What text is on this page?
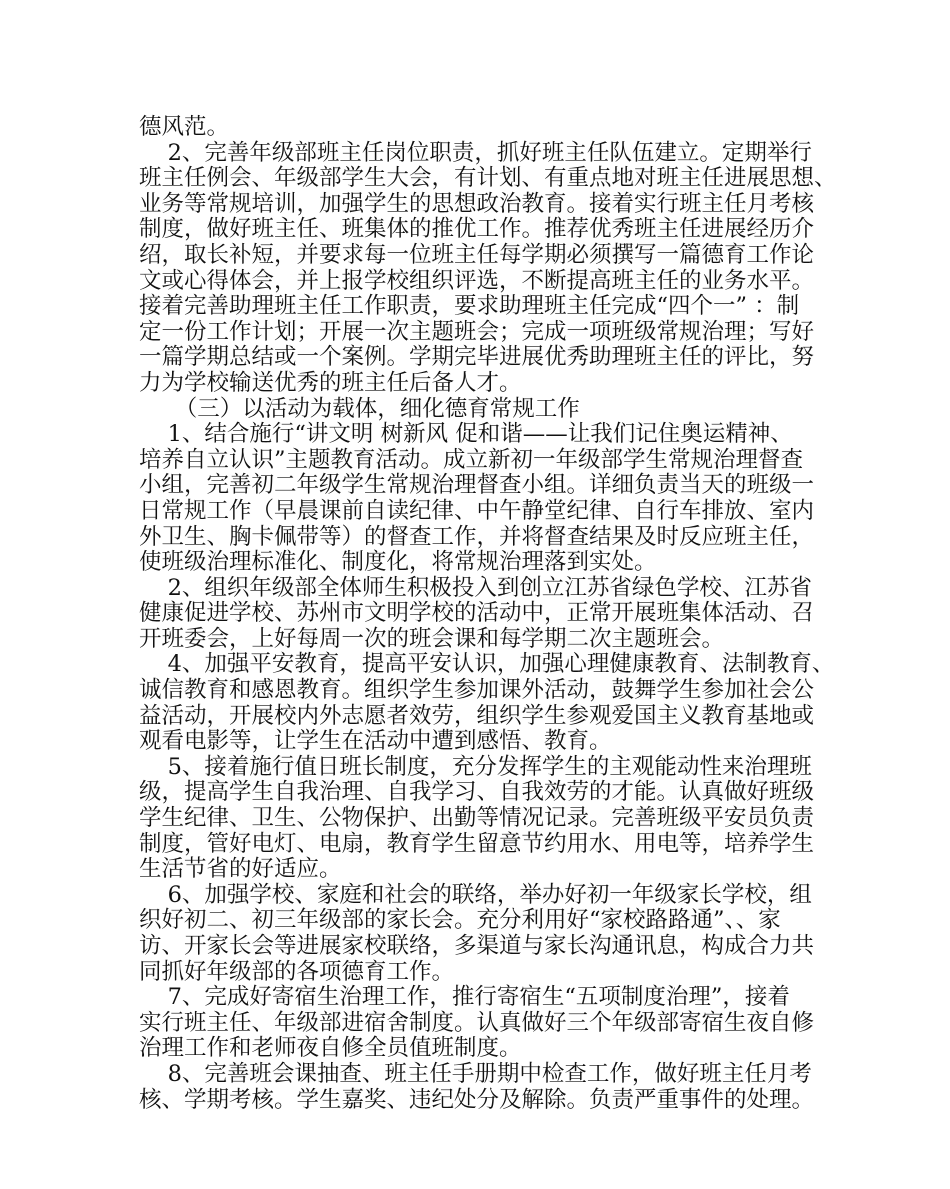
德风范。
2、完善年级部班主任岗位职责，抓好班主任队伍建立。定期举行
班主任例会、年级部学生大会，有计划、有重点地对班主任进展思想、
业务等常规培训，加强学生的思想政治教育。接着实行班主任月考核
制度，做好班主任、班集体的推优工作。推荐优秀班主任进展经历介
绍，取长补短，并要求每一位班主任每学期必须撰写一篇德育工作论
文或心得体会，并上报学校组织评选，不断提高班主任的业务水平。
接着完善助理班主任工作职责，要求助理班主任完成“四个一” ：制
定一份工作计划；开展一次主题班会；完成一项班级常规治理；写好
一篇学期总结或一个案例。学期完毕进展优秀助理班主任的评比，努
力为学校输送优秀的班主任后备人才。
（三）以活动为载体，细化德育常规工作
1、结合施行“讲文明 树新风 促和谐——让我们记住奥运精神、
培养自立认识”主题教育活动。成立新初一年级部学生常规治理督查
小组，完善初二年级学生常规治理督查小组。详细负责当天的班级一
日常规工作（早晨课前自读纪律、中午静堂纪律、自行车排放、室内
外卫生、胸卡佩带等）的督查工作，并将督查结果及时反应班主任，
使班级治理标准化、制度化，将常规治理落到实处。
2、组织年级部全体师生积极投入到创立江苏省绿色学校、江苏省
健康促进学校、苏州市文明学校的活动中，正常开展班集体活动、召
开班委会，上好每周一次的班会课和每学期二次主题班会。
4、加强平安教育，提高平安认识，加强心理健康教育、法制教育、
诚信教育和感恩教育。组织学生参加课外活动，鼓舞学生参加社会公
益活动，开展校内外志愿者效劳，组织学生参观爱国主义教育基地或
观看电影等，让学生在活动中遭到感悟、教育。
5、接着施行值日班长制度，充分发挥学生的主观能动性来治理班
级，提高学生自我治理、自我学习、自我效劳的才能。认真做好班级
学生纪律、卫生、公物保护、出勤等情况记录。完善班级平安员负责
制度，管好电灯、电扇，教育学生留意节约用水、用电等，培养学生
生活节省的好适应。
6、加强学校、家庭和社会的联络，举办好初一年级家长学校，组
织好初二、初三年级部的家长会。充分利用好“家校路路通”、、家
访、开家长会等进展家校联络，多渠道与家长沟通讯息，构成合力共
同抓好年级部的各项德育工作。
7、完成好寄宿生治理工作，推行寄宿生“五项制度治理”，接着
实行班主任、年级部进宿舍制度。认真做好三个年级部寄宿生夜自修
治理工作和老师夜自修全员值班制度。
8、完善班会课抽查、班主任手册期中检查工作，做好班主任月考
核、学期考核。学生嘉奖、违纪处分及解除。负责严重事件的处理。
